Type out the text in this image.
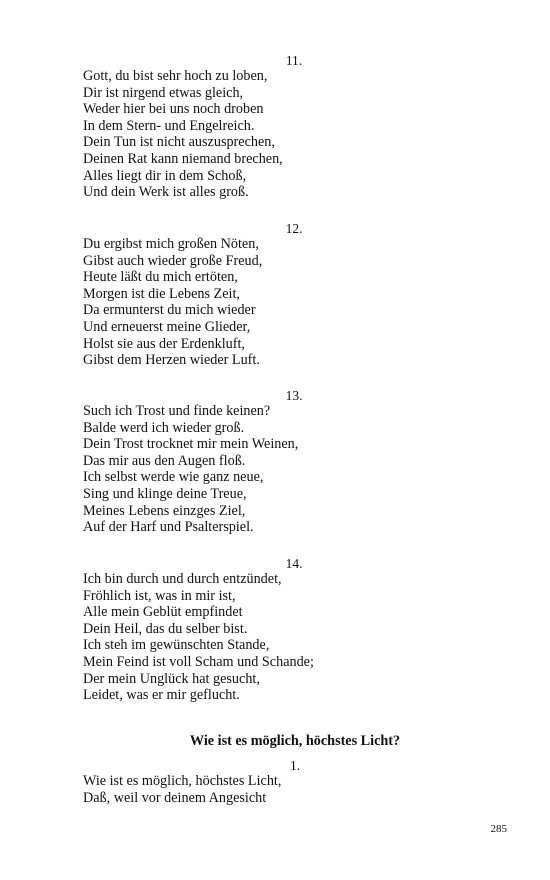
11.
Gott, du bist sehr hoch zu loben,
Dir ist nirgend etwas gleich,
Weder hier bei uns noch droben
In dem Stern- und Engelreich.
Dein Tun ist nicht auszusprechen,
Deinen Rat kann niemand brechen,
Alles liegt dir in dem Schoß,
Und dein Werk ist alles groß.
12.
Du ergibst mich großen Nöten,
Gibst auch wieder große Freud,
Heute läßt du mich ertöten,
Morgen ist die Lebens Zeit,
Da ermunterst du mich wieder
Und erneuerst meine Glieder,
Holst sie aus der Erdenkluft,
Gibst dem Herzen wieder Luft.
13.
Such ich Trost und finde keinen?
Balde werd ich wieder groß.
Dein Trost trocknet mir mein Weinen,
Das mir aus den Augen floß.
Ich selbst werde wie ganz neue,
Sing und klinge deine Treue,
Meines Lebens einzges Ziel,
Auf der Harf und Psalterspiel.
14.
Ich bin durch und durch entzündet,
Fröhlich ist, was in mir ist,
Alle mein Geblüt empfindet
Dein Heil, das du selber bist.
Ich steh im gewünschten Stande,
Mein Feind ist voll Scham und Schande;
Der mein Unglück hat gesucht,
Leidet, was er mir geflucht.
Wie ist es möglich, höchstes Licht?
1.
Wie ist es möglich, höchstes Licht,
Daß, weil vor deinem Angesicht
285
